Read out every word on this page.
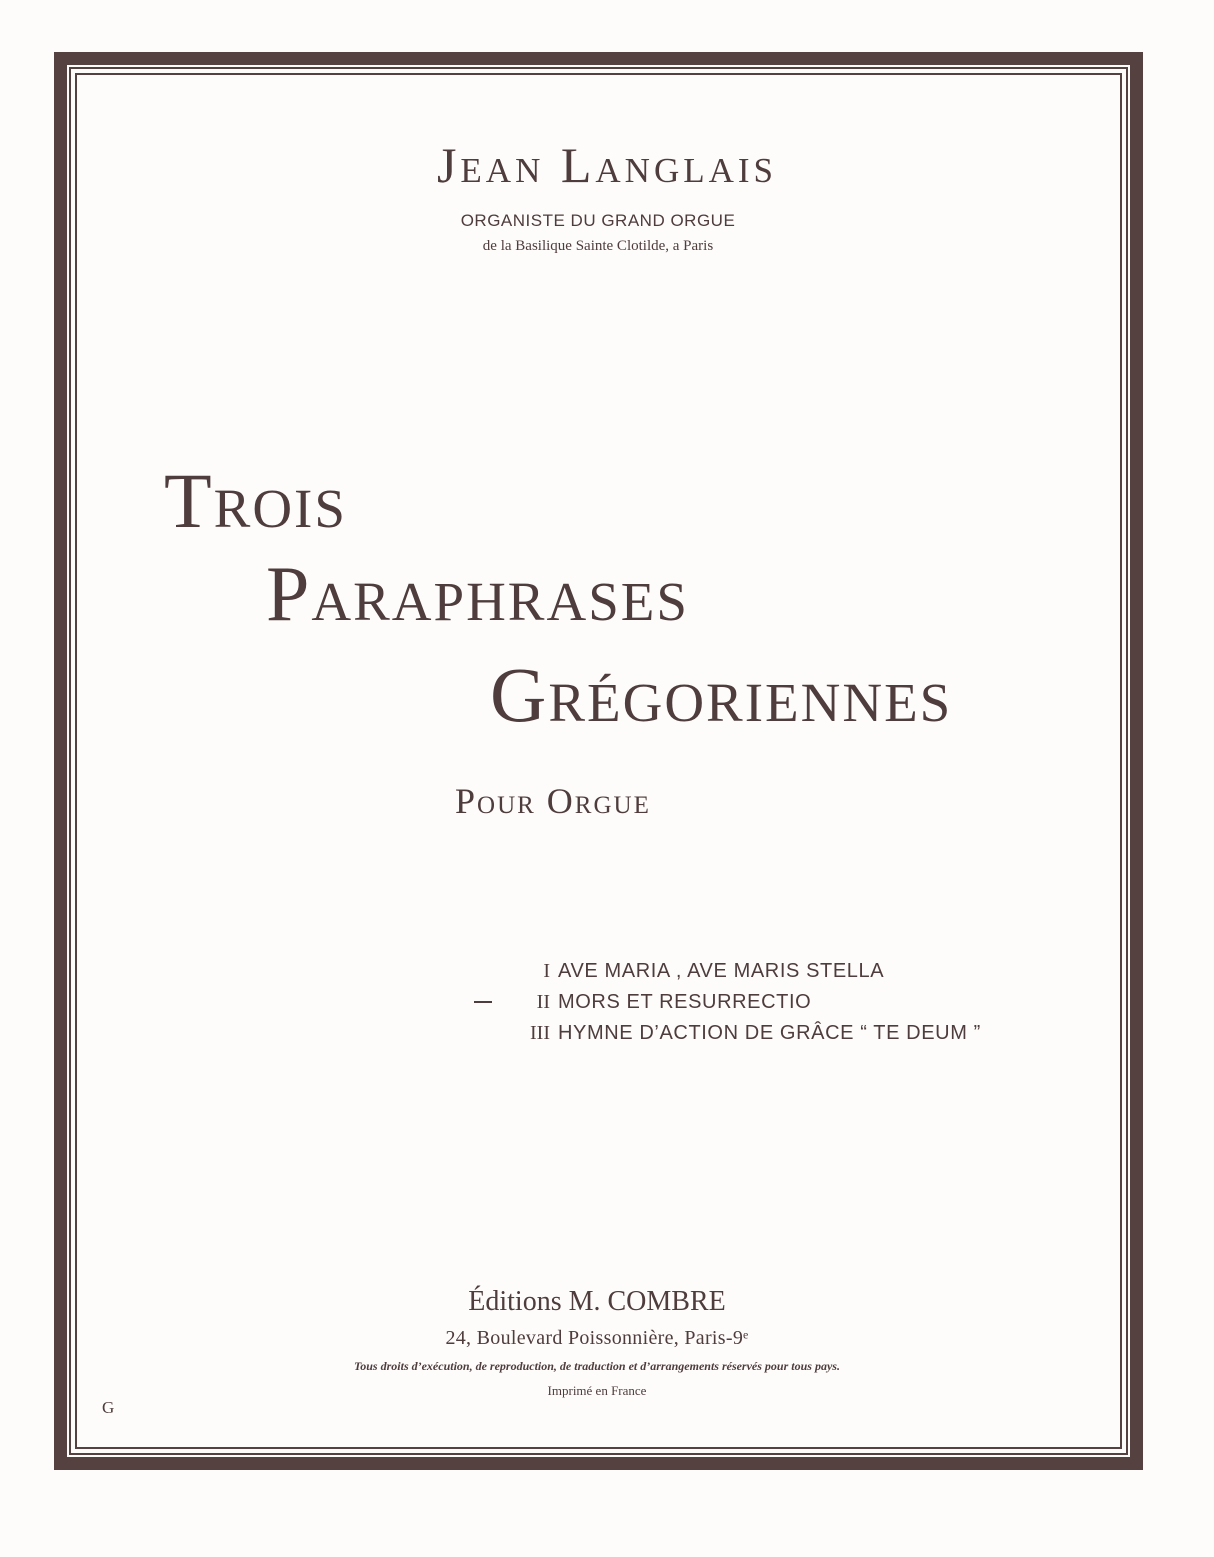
Jean Langlais
ORGANISTE DU GRAND ORGUE
de la Basilique Sainte Clotilde, a Paris
Trois
Paraphrases
Grégoriennes
Pour Orgue
I AVE MARIA , AVE MARIS STELLA
II MORS ET RESURRECTIO
III HYMNE D’ACTION DE GRÂCE “ TE DEUM ”
Éditions M. COMBRE
24, Boulevard Poissonnière, Paris-9ᵉ
Tous droits d’exécution, de reproduction, de traduction et d’arrangements réservés pour tous pays.
Imprimé en France
G
